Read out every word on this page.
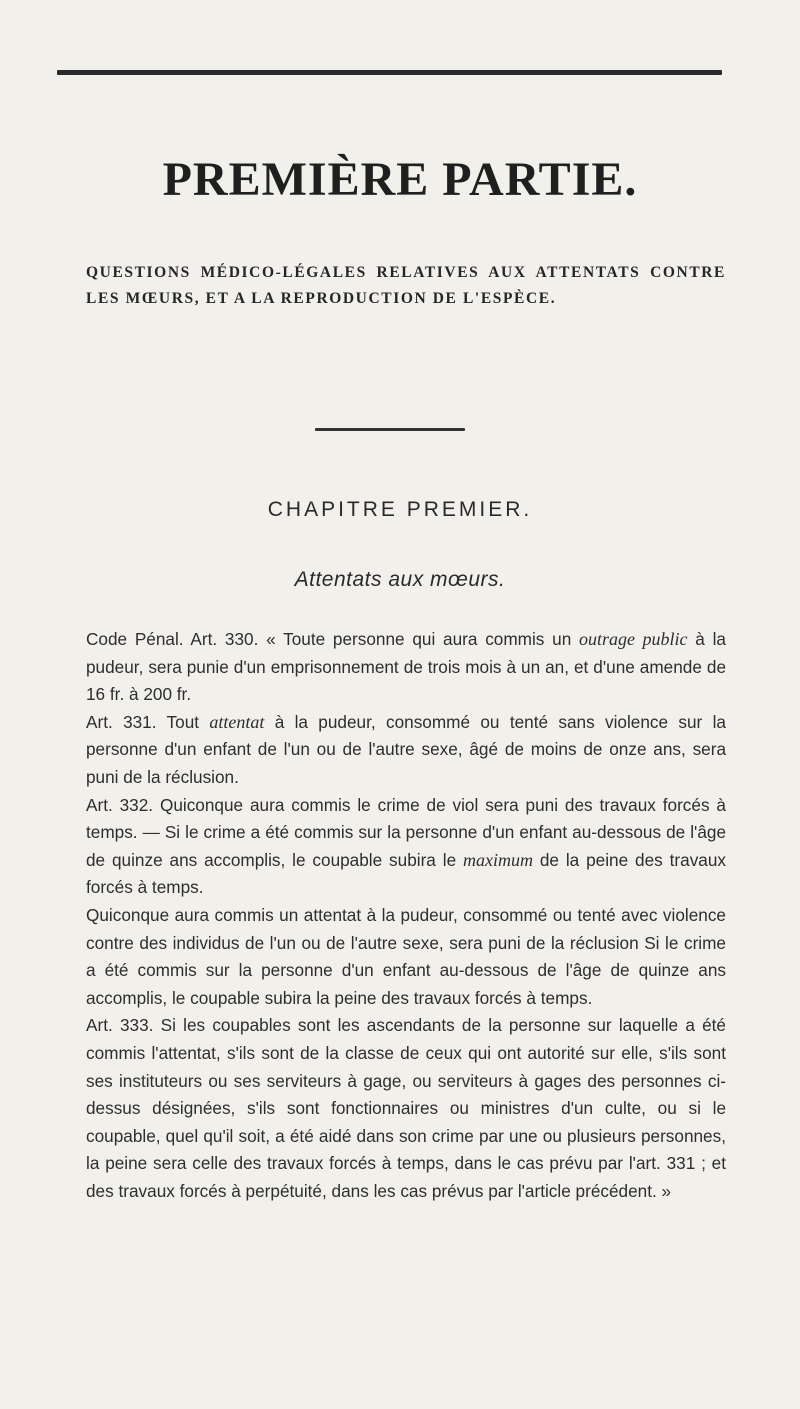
PREMIÈRE PARTIE.
QUESTIONS MÉDICO-LÉGALES RELATIVES AUX ATTENTATS CONTRE LES MŒURS, ET A LA REPRODUCTION DE L'ESPÈCE.
CHAPITRE PREMIER.
Attentats aux mœurs.

Code Pénal. Art. 330. « Toute personne qui aura commis un outrage public à la pudeur, sera punie d'un emprisonnement de trois mois à un an, et d'une amende de 16 fr. à 200 fr.

Art. 331. Tout attentat à la pudeur, consommé ou tenté sans violence sur la personne d'un enfant de l'un ou de l'autre sexe, âgé de moins de onze ans, sera puni de la réclusion.

Art. 332. Quiconque aura commis le crime de viol sera puni des travaux forcés à temps. — Si le crime a été commis sur la personne d'un enfant au-dessous de l'âge de quinze ans accomplis, le coupable subira le maximum de la peine des travaux forcés à temps.

Quiconque aura commis un attentat à la pudeur, consommé ou tenté avec violence contre des individus de l'un ou de l'autre sexe, sera puni de la réclusion Si le crime a été commis sur la personne d'un enfant au-dessous de l'âge de quinze ans accomplis, le coupable subira la peine des travaux forcés à temps.

Art. 333. Si les coupables sont les ascendants de la personne sur laquelle a été commis l'attentat, s'ils sont de la classe de ceux qui ont autorité sur elle, s'ils sont ses instituteurs ou ses serviteurs à gage, ou serviteurs à gages des personnes ci-dessus désignées, s'ils sont fonctionnaires ou ministres d'un culte, ou si le coupable, quel qu'il soit, a été aidé dans son crime par une ou plusieurs personnes, la peine sera celle des travaux forcés à temps, dans le cas prévu par l'art. 331 ; et des travaux forcés à perpétuité, dans les cas prévus par l'article précédent. »
